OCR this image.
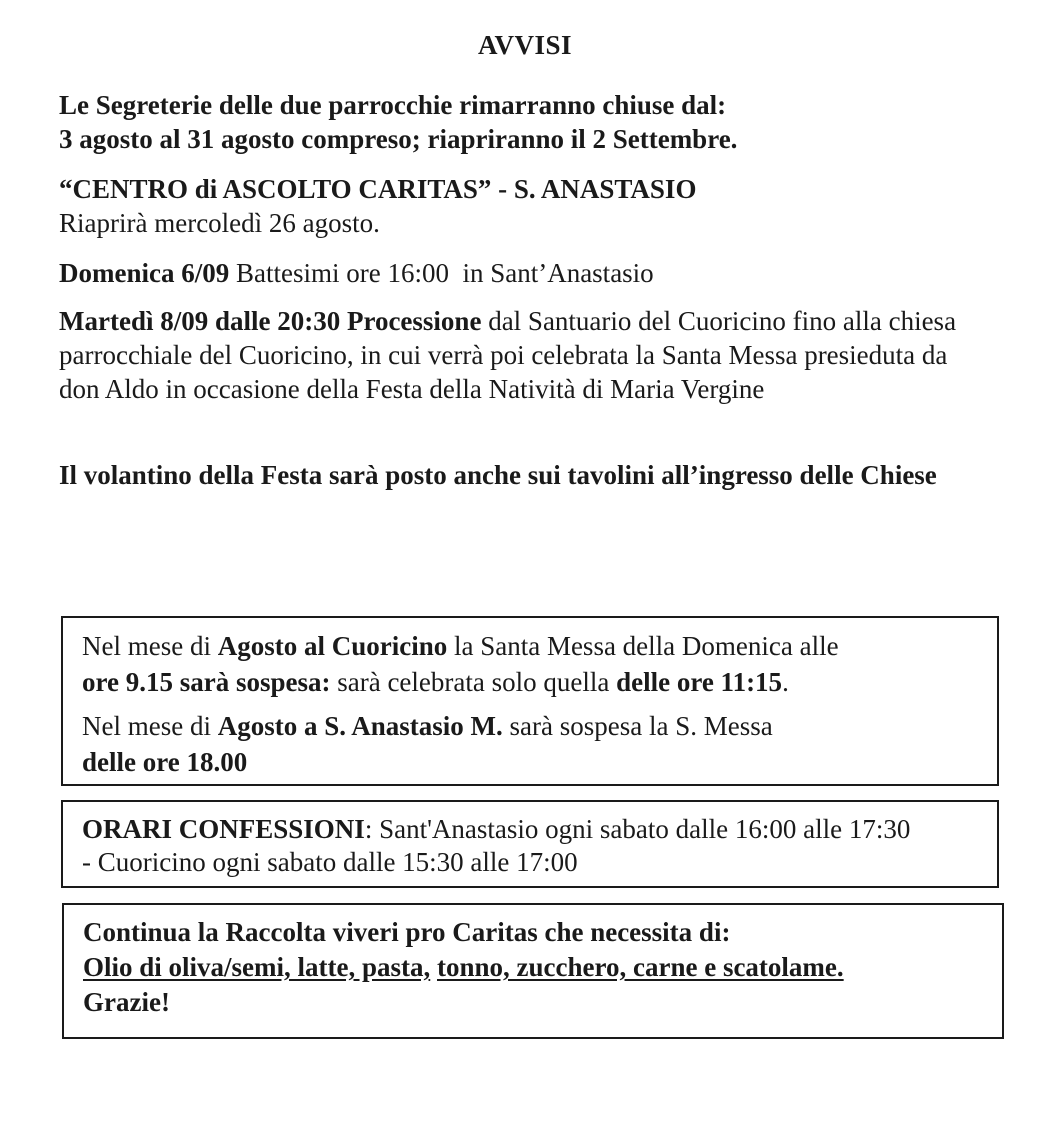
AVVISI
Le Segreterie delle due parrocchie rimarranno chiuse dal:
3 agosto al 31 agosto compreso; riapriranno il 2 Settembre.
“CENTRO di ASCOLTO CARITAS” - S. ANASTASIO
Riaprirà mercoledì 26 agosto.
Domenica 6/09 Battesimi ore 16:00  in Sant’Anastasio
Martedì 8/09 dalle 20:30 Processione dal Santuario del Cuoricino fino alla chiesa parrocchiale del Cuoricino, in cui verrà poi celebrata la Santa Messa presieduta da don Aldo in occasione della Festa della Natività di Maria Vergine
Il volantino della Festa sarà posto anche sui tavolini all’ingresso delle Chiese
Nel mese di Agosto al Cuoricino la Santa Messa della Domenica alle
ore 9.15 sarà sospesa: sarà celebrata solo quella delle ore 11:15.
Nel mese di Agosto a S. Anastasio M. sarà sospesa la S. Messa
delle ore 18.00
ORARI CONFESSIONI: Sant'Anastasio ogni sabato dalle 16:00 alle 17:30
- Cuoricino ogni sabato dalle 15:30 alle 17:00
Continua la Raccolta viveri pro Caritas che necessita di:
Olio di oliva/semi, latte, pasta, tonno, zucchero, carne e scatolame.
Grazie!
